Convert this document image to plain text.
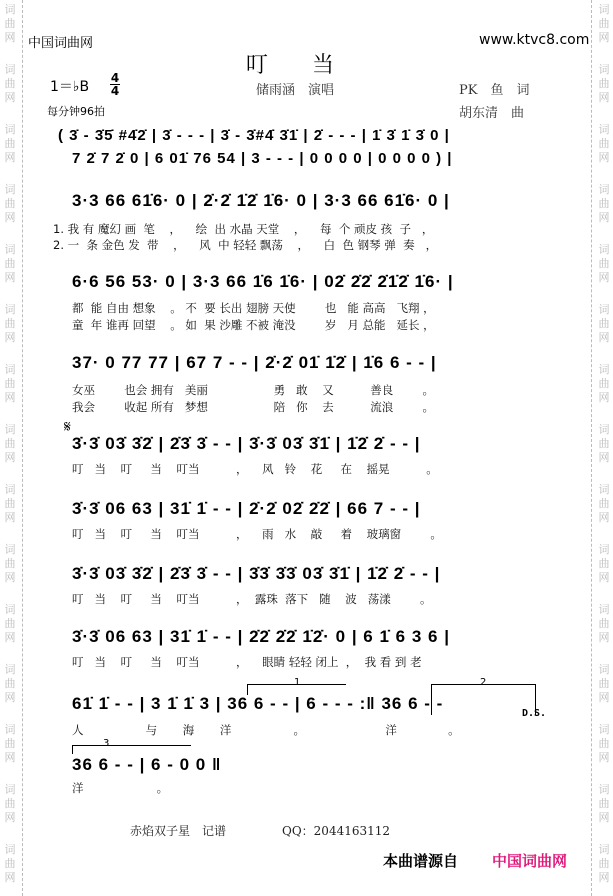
词
曲
网
词
曲
网
词
曲
网
词
曲
网
词
曲
网
词
曲
网
词
曲
网
词
曲
网
词
曲
网
词
曲
网
词
曲
网
词
曲
网
词
曲
网
词
曲
网
词
曲
网
词
曲
网
词
曲
网
词
曲
网
词
曲
网
词
曲
网
词
曲
网
词
曲
网
词
曲
网
词
曲
网
词
曲
网
词
曲
网
词
曲
网
词
曲
网
词
曲
网
词
曲
网
中国词曲网	www.ktvc8.com
叮　　当
1＝♭B
4
4	储雨涵　演唱	PK　鱼　词
每分钟96拍	胡东清　曲
( 3̇ - 3̇5̇ #4̇2̇ | 3̇ - - - | 3̇ - 3̇#4̇ 3̇1̇ | 2̇ - - - | 1̇ 3̇ 1̇ 3̇ 0 |
7 2̇ 7 2̇ 0 | 6 01̇ 76 54 | 3 - - - | 0 0 0 0 | 0 0 0 0 ) |
3·3 66 61̇6· 0 | 2̇·2̇ 1̇2̇ 1̇6· 0 | 3·3 66 61̇6· 0 |
1. 我 有 魔幻 画  笔    ，    绘  出 水晶 天堂    ，    每  个 顽皮 孩  子   ，
2. 一  条 金色 发  带    ，    风  中 轻轻 飘荡    ，    白  色 钢琴 弹  奏   ，
6·6 56 53· 0 | 3·3 66 1̇6 1̇6· | 02̇ 2̇2̇ 2̇1̇2̇ 1̇6· |
都  能 自由 想象    。 不  要 长出 翅膀 天使        也   能 高高   飞翔 ，
童  年 谁再 回望    。 如  果 沙雕 不被 淹没        岁   月 总能   延长 ，
37· 0 77 77 | 67 7 - - | 2̇·2̇ 01̇ 1̇2̇ | 1̇6 6 - - |
女巫        也会 拥有   美丽                  勇   敢    又          善良        。
我会        收起 所有   梦想                  陪   你    去          流浪        。
𝄋
3̇·3̇ 03̇ 3̇2̇ | 2̇3̇ 3̇ - - | 3̇·3̇ 03̇ 3̇1̇ | 1̇2̇ 2̇ - - |
叮   当    叮     当    叮当          ，    风   铃    花     在    摇晃          。
3̇·3̇ 06 63 | 31̇ 1̇ - - | 2̇·2̇ 02̇ 2̇2̇ | 66 7 - - |
叮   当    叮     当    叮当          ，    雨   水    敲     着    玻璃窗        。
3̇·3̇ 03̇ 3̇2̇ | 2̇3̇ 3̇ - - | 3̇3̇ 3̇3̇ 03̇ 3̇1̇ | 1̇2̇ 2̇ - - |
叮   当    叮     当    叮当          ，  露珠  落下   随    波   荡漾        。
3̇·3̇ 06 63 | 31̇ 1̇ - - | 2̇2̇ 2̇2̇ 1̇2̇· 0 | 6 1̇ 6 3 6 |
叮   当    叮     当    叮当          ，    眼睛 轻轻 闭上  ，  我 看 到 老
1	2
61̇ 1̇ - - | 3 1̇ 1̇ 3 | 36 6 - - | 6 - - - :‖ 36 6 - -
D.S.
人                 与       海       洋                 。                      洋              。
3
36 6 - - | 6 - 0 0 ‖
洋                    。
赤焰双子星　记谱	QQ：2044163112
本曲谱源自 中国词曲网
